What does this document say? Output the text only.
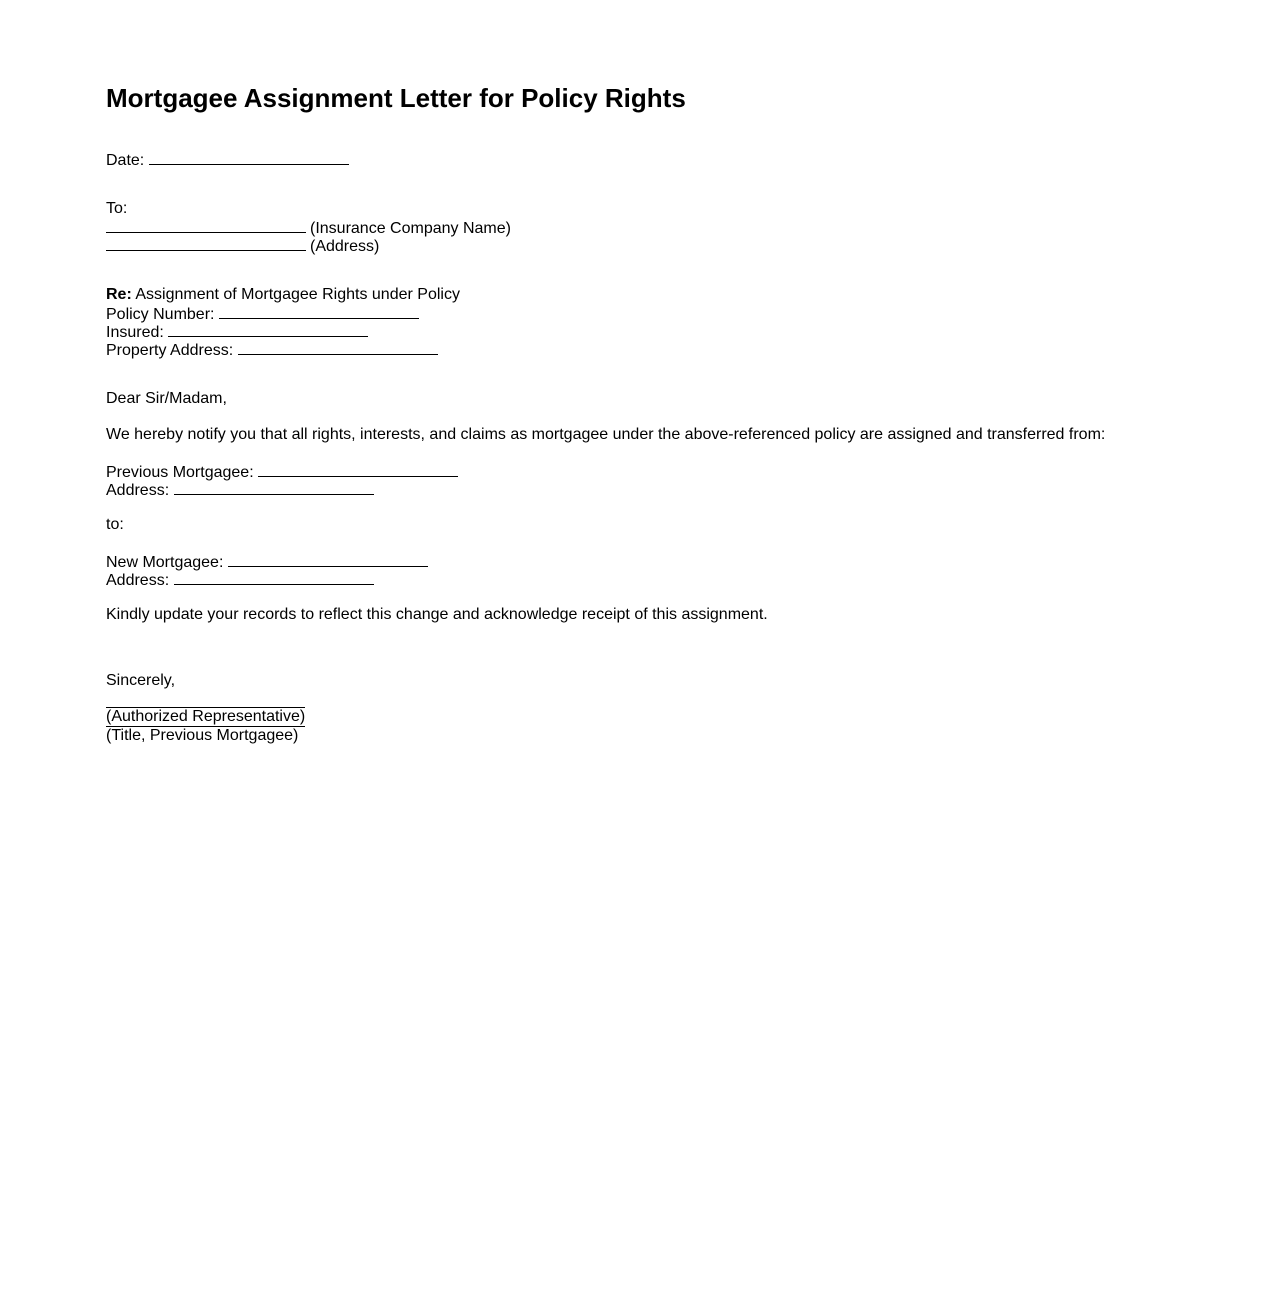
Mortgagee Assignment Letter for Policy Rights
Date:
To:
(Insurance Company Name)
(Address)
Re: Assignment of Mortgagee Rights under Policy
Policy Number:
Insured:
Property Address:
Dear Sir/Madam,
We hereby notify you that all rights, interests, and claims as mortgagee under the above-referenced policy are assigned and transferred from:
Previous Mortgagee:
Address:
to:
New Mortgagee:
Address:
Kindly update your records to reflect this change and acknowledge receipt of this assignment.
Sincerely,
(Authorized Representative)
(Title, Previous Mortgagee)
